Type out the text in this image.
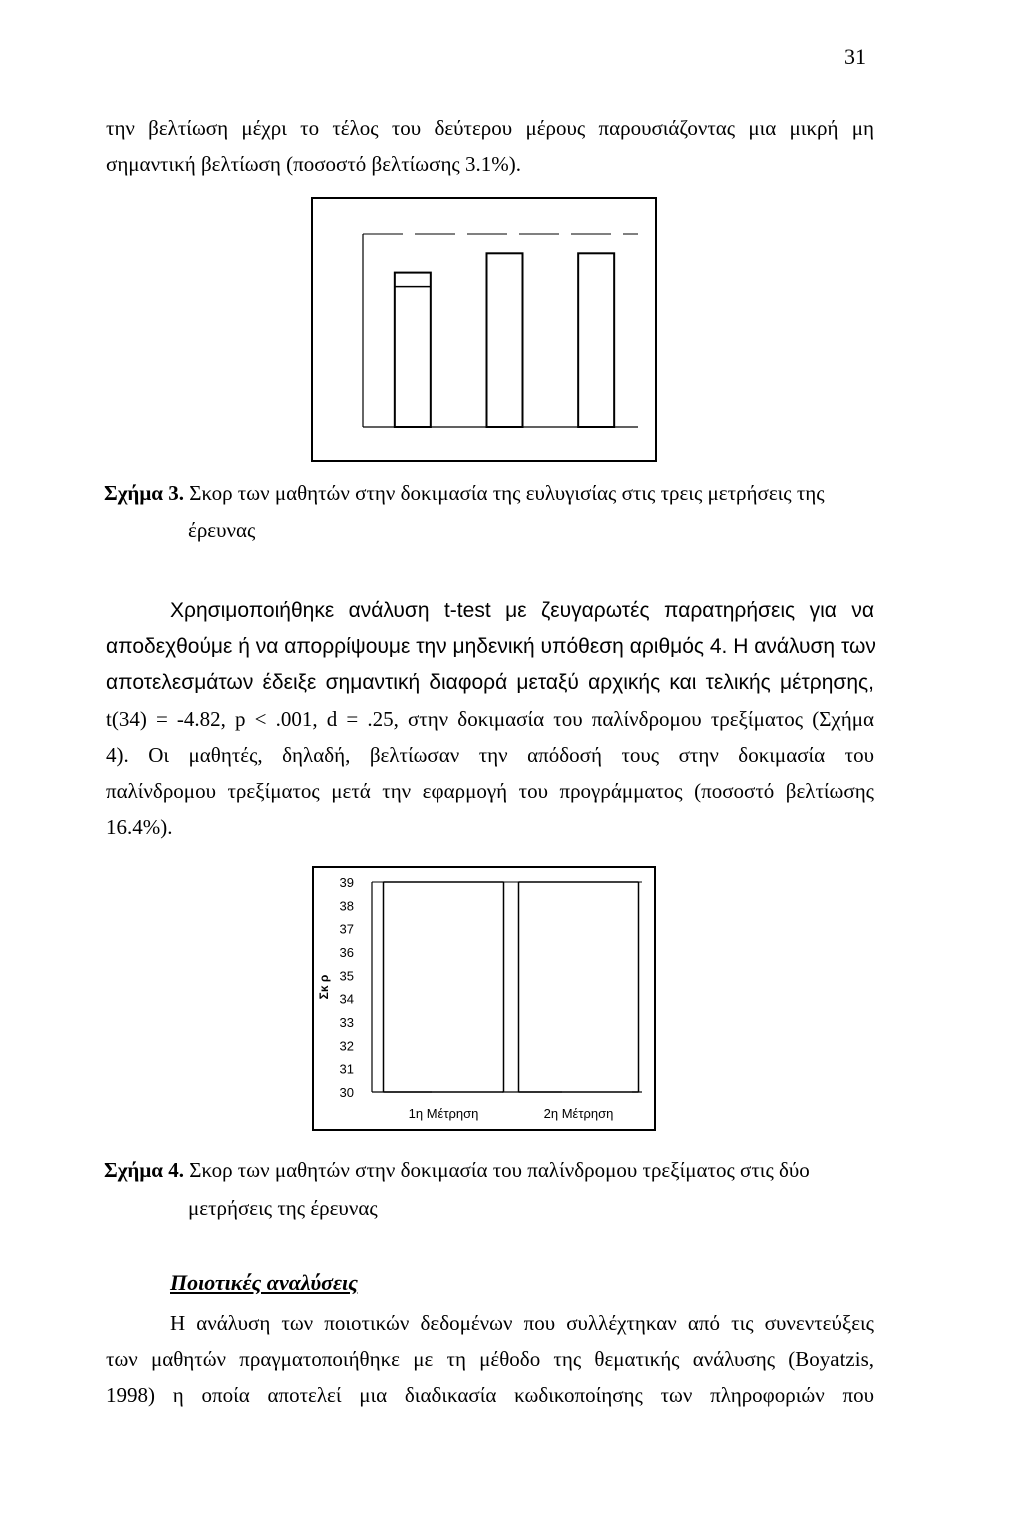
31
την βελτίωση μέχρι το τέλος του δεύτερου μέρους παρουσιάζοντας μια μικρή μη
σημαντική βελτίωση (ποσοστό βελτίωσης 3.1%).
Σχήμα 3. Σκορ των μαθητών στην δοκιμασία της ευλυγισίας στις τρεις μετρήσεις της
έρευνας
Χρησιμοποιήθηκε ανάλυση t-test με ζευγαρωτές παρατηρήσεις για να
αποδεχθούμε ή να απορρίψουμε την μηδενική υπόθεση αριθμός 4. Η ανάλυση των
αποτελεσμάτων έδειξε σημαντική διαφορά μεταξύ αρχικής και τελικής μέτρησης,
t(34) = -4.82, p < .001, d = .25, στην δοκιμασία του παλίνδρομου τρεξίματος (Σχήμα
4). Οι μαθητές, δηλαδή, βελτίωσαν την απόδοσή τους στην δοκιμασία του
παλίνδρομου τρεξίματος μετά την εφαρμογή του προγράμματος (ποσοστό βελτίωσης
16.4%).
39
38
37
36
35
34
33
32
31
30
Σκ ρ
1η Μέτρηση	2η Μέτρηση
Σχήμα 4. Σκορ των μαθητών στην δοκιμασία του παλίνδρομου τρεξίματος στις δύο
μετρήσεις της έρευνας
Ποιοτικές αναλύσεις
Η ανάλυση των ποιοτικών δεδομένων που συλλέχτηκαν από τις συνεντεύξεις
των μαθητών πραγματοποιήθηκε με τη μέθοδο της θεματικής ανάλυσης (Boyatzis,
1998) η οποία αποτελεί μια διαδικασία κωδικοποίησης των πληροφοριών που
